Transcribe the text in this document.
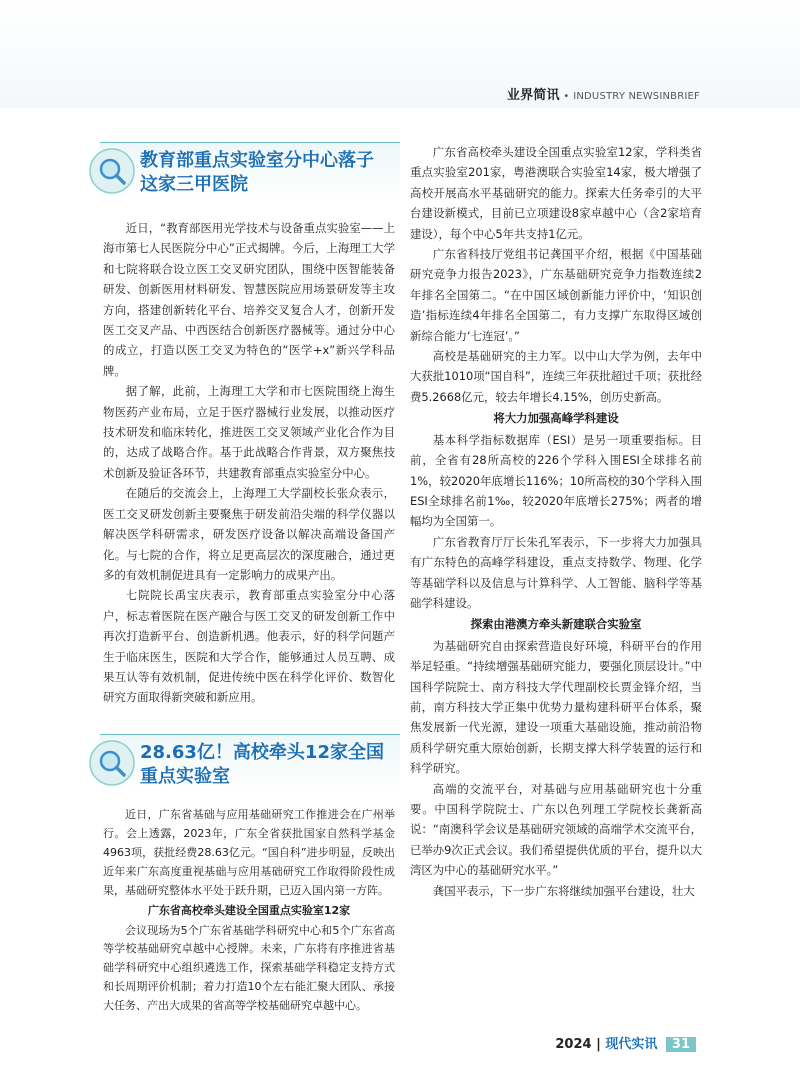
业界简讯 • INDUSTRY NEWSINBRIEF
教育部重点实验室分中心落子这家三甲医院

近日，“教育部医用光学技术与设备重点实验室——上海市第七人民医院分中心”正式揭牌。今后，上海理工大学和七院将联合设立医工交叉研究团队，围绕中医智能装备研发、创新医用材料研发、智慧医院应用场景研发等主攻方向，搭建创新转化平台、培养交叉复合人才，创新开发医工交叉产品、中西医结合创新医疗器械等。通过分中心的成立，打造以医工交叉为特色的“医学+x”新兴学科品牌。

据了解，此前，上海理工大学和市七医院围绕上海生物医药产业布局，立足于医疗器械行业发展，以推动医疗技术研发和临床转化，推进医工交叉领域产业化合作为目的，达成了战略合作。基于此战略合作背景，双方聚焦技术创新及验证各环节，共建教育部重点实验室分中心。

在随后的交流会上，上海理工大学副校长张众表示，医工交叉研发创新主要聚焦于研发前沿尖端的科学仪器以解决医学科研需求，研发医疗设备以解决高端设备国产化。与七院的合作，将立足更高层次的深度融合，通过更多的有效机制促进具有一定影响力的成果产出。

七院院长禹宝庆表示，教育部重点实验室分中心落户，标志着医院在医产融合与医工交叉的研发创新工作中再次打造新平台、创造新机遇。他表示，好的科学问题产生于临床医生，医院和大学合作，能够通过人员互聘、成果互认等有效机制，促进传统中医在科学化评价、数智化研究方面取得新突破和新应用。

28.63亿！高校牵头12家全国重点实验室

近日，广东省基础与应用基础研究工作推进会在广州举行。会上透露，2023年，广东全省获批国家自然科学基金4963项，获批经费28.63亿元。“国自科”进步明显，反映出近年来广东高度重视基础与应用基础研究工作取得阶段性成果，基础研究整体水平处于跃升期，已迈入国内第一方阵。

广东省高校牵头建设全国重点实验室12家

会议现场为5个广东省基础学科研究中心和5个广东省高等学校基础研究卓越中心授牌。未来，广东将有序推进省基础学科研究中心组织遴选工作，探索基础学科稳定支持方式和长周期评价机制；着力打造10个左右能汇聚大团队、承接大任务、产出大成果的省高等学校基础研究卓越中心。

广东省高校牵头建设全国重点实验室12家，学科类省重点实验室201家，粤港澳联合实验室14家，极大增强了高校开展高水平基础研究的能力。探索大任务牵引的大平台建设新模式，目前已立项建设8家卓越中心（含2家培育建设），每个中心5年共支持1亿元。

广东省科技厅党组书记龚国平介绍，根据《中国基础研究竞争力报告2023》，广东基础研究竞争力指数连续2年排名全国第二。“在中国区域创新能力评价中，‘知识创造’指标连续4年排名全国第二，有力支撑广东取得区域创新综合能力‘七连冠’。”

高校是基础研究的主力军。以中山大学为例，去年中大获批1010项“国自科”，连续三年获批超过千项；获批经费5.2668亿元，较去年增长4.15%，创历史新高。

将大力加强高峰学科建设

基本科学指标数据库（ESI）是另一项重要指标。目前，全省有28所高校的226个学科入围ESI全球排名前1%，较2020年底增长116%；10所高校的30个学科入围ESI全球排名前1‰，较2020年底增长275%；两者的增幅均为全国第一。

广东省教育厅厅长朱孔军表示，下一步将大力加强具有广东特色的高峰学科建设，重点支持数学、物理、化学等基础学科以及信息与计算科学、人工智能、脑科学等基础学科建设。

探索由港澳方牵头新建联合实验室

为基础研究自由探索营造良好环境，科研平台的作用举足轻重。“持续增强基础研究能力，要强化顶层设计。”中国科学院院士、南方科技大学代理副校长贾金锋介绍，当前，南方科技大学正集中优势力量构建科研平台体系，聚焦发展新一代光源，建设一项重大基础设施，推动前沿物质科学研究重大原始创新，长期支撑大科学装置的运行和科学研究。

高端的交流平台，对基础与应用基础研究也十分重要。中国科学院院士、广东以色列理工学院校长龚新高说：“南澳科学会议是基础研究领域的高端学术交流平台，已举办9次正式会议。我们希望提供优质的平台，提升以大湾区为中心的基础研究水平。”

龚国平表示，下一步广东将继续加强平台建设，壮大

2024 | 现代实讯 31
